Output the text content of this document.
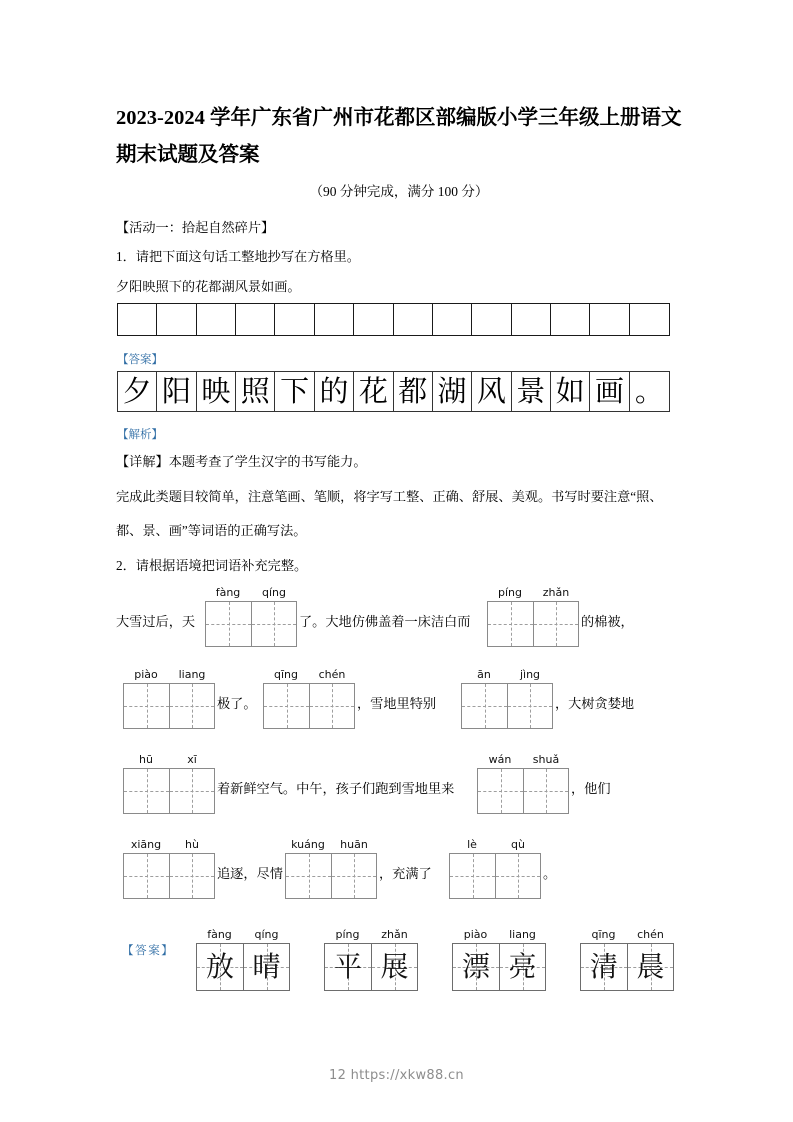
2023-2024 学年广东省广州市花都区部编版小学三年级上册语文期末试题及答案
（90 分钟完成，满分 100 分）
【活动一：拾起自然碎片】
1．请把下面这句话工整地抄写在方格里。
夕阳映照下的花都湖风景如画。
【答案】
夕 阳 映 照 下 的 花 都 湖 风 景 如 画 。
【解析】
【详解】本题考查了学生汉字的书写能力。
完成此类题目较简单，注意笔画、笔顺，将字写工整、正确、舒展、美观。书写时要注意“照、
都、景、画”等词语的正确写法。
2．请根据语境把词语补充完整。
大雪过后，天
fàng	qíng
了。大地仿佛盖着一床洁白而
píng	zhǎn
的棉被，
piào	liang
极了。
qīng	chén
，雪地里特别
ān	jìng
，大树贪婪地
hū	xī
着新鲜空气。中午，孩子们跑到雪地里来
wán	shuǎ
，他们
xiāng	hù
追逐，尽情
kuáng	huān
，充满了
lè	qù
。
【答案】
fàng	qíng
放 晴
píng	zhǎn
平 展
piào	liang
漂 亮
qīng	chén
清 晨
12 https://xkw88.cn
